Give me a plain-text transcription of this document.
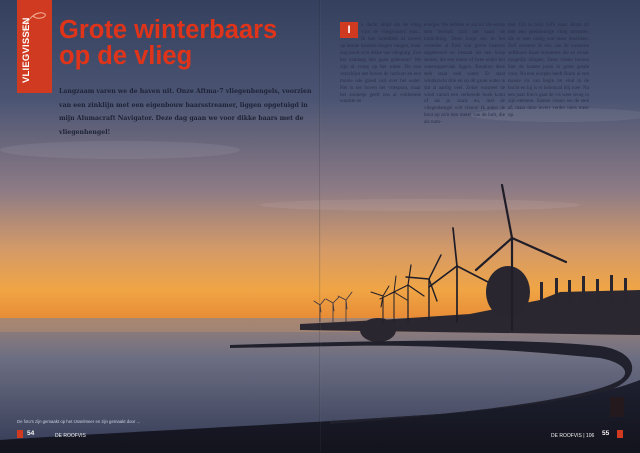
VLIEGVISSEN	Grote winterbaars
op de vlieg

Langzaam varen we de haven uit. Onze Aftma-7 vliegenhengels, voorzien van een zinklijn met een eigenbouw baarsstreamer, liggen opgetuigd in mijn Alumacraft Navigator. Deze dag gaan we voor dikke baars met de vliegenhengel!

I	k dacht altijd dat de vlieg voor de 'vliegvissers' was... Ik heb inmiddels al zoveel op mooie baarzen mogen vangen, maar nog nooit zo'n dikke van vliegtuig. Zou het vandaag dan gaan gebeuren? We zijn al vroeg op het water. De zon verschijnt net boven de horizon en een mooie ode gloed valt over het water. Het is net boven het vriespunt, maar het zonnetje geeft ons al voldoende warmte en

energie. We hebben er zin in! De eerste stek bevindt zich net naast de tonlichting. Deze loopt om in het verleden al flink wat grove baarzen opgeleverd en bestaat uit een hoop stenen, die een meter of twee onder het wateroppervlak liggen. Rondom deze stek staat veel water. Er staat windkracht drie en op dit grote water is dat al aardig veel. Zeker wanneer de wind vanuit een verkeerde hoek komt of als je, zoals nu, met de vliegenhengel wilt vissen! Ik anker de boot op zo'n tien meter van de bult, die als num-

mer 120 in mijn GPS staat. Bram zit met een geelkleurige vlieg streamer, die er zeer rustig wat meer doorheen. Zelf monteer ik een van de zwaarste zelfbouw baars streamers die zo zwaar mogelijk aflopen. Deze vissen komen hier de laatste jaren in grote getale voor. Na een worpen heeft Bram al een mooie vis van begin tot eind in de bocht en hij is er helemaal blij mee. Na een paar foto's gaat de vis weer terug in zijn element. Samen vissen we de stek af, maar deze levert verder niets meer op.

De foto's zijn gemaakt op het IJsselmeer en zijn gemaakt door ...

54	DE ROOFVIS	DE ROOFVIS | 106 55
